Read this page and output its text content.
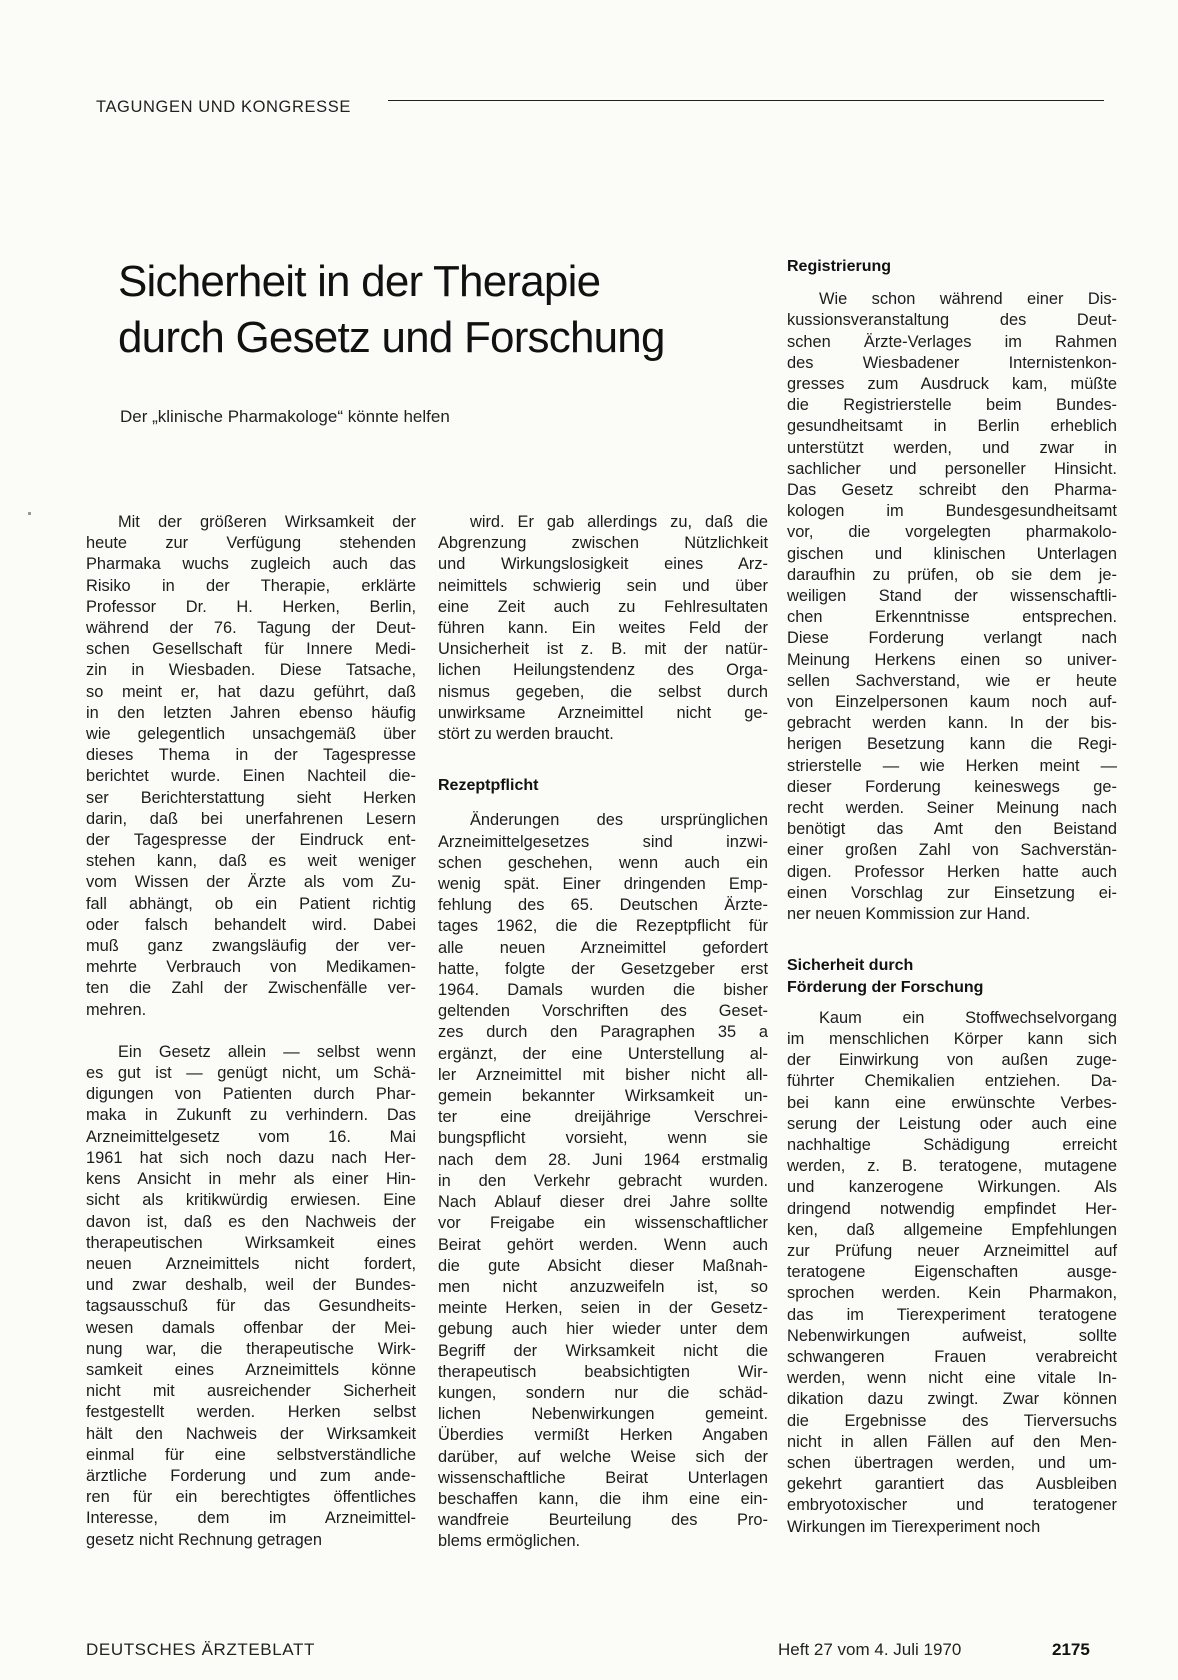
TAGUNGEN UND KONGRESSE
Sicherheit in der Therapie
durch Gesetz und Forschung
Der „klinische Pharmakologe“ könnte helfen

Mit der größeren Wirksamkeit der
heute zur Verfügung stehenden
Pharmaka wuchs zugleich auch das
Risiko in der Therapie, erklärte
Professor Dr. H. Herken, Berlin,
während der 76. Tagung der Deut-
schen Gesellschaft für Innere Medi-
zin in Wiesbaden. Diese Tatsache,
so meint er, hat dazu geführt, daß
in den letzten Jahren ebenso häufig
wie gelegentlich unsachgemäß über
dieses Thema in der Tagespresse
berichtet wurde. Einen Nachteil die-
ser Berichterstattung sieht Herken
darin, daß bei unerfahrenen Lesern
der Tagespresse der Eindruck ent-
stehen kann, daß es weit weniger
vom Wissen der Ärzte als vom Zu-
fall abhängt, ob ein Patient richtig
oder falsch behandelt wird. Dabei
muß ganz zwangsläufig der ver-
mehrte Verbrauch von Medikamen-
ten die Zahl der Zwischenfälle ver-
mehren.

Ein Gesetz allein — selbst wenn
es gut ist — genügt nicht, um Schä-
digungen von Patienten durch Phar-
maka in Zukunft zu verhindern. Das
Arzneimittelgesetz vom 16. Mai
1961 hat sich noch dazu nach Her-
kens Ansicht in mehr als einer Hin-
sicht als kritikwürdig erwiesen. Eine
davon ist, daß es den Nachweis der
therapeutischen Wirksamkeit eines
neuen Arzneimittels nicht fordert,
und zwar deshalb, weil der Bundes-
tagsausschuß für das Gesundheits-
wesen damals offenbar der Mei-
nung war, die therapeutische Wirk-
samkeit eines Arzneimittels könne
nicht mit ausreichender Sicherheit
festgestellt werden. Herken selbst
hält den Nachweis der Wirksamkeit
einmal für eine selbstverständliche
ärztliche Forderung und zum ande-
ren für ein berechtigtes öffentliches
Interesse, dem im Arzneimittel-
gesetz nicht Rechnung getragen

wird. Er gab allerdings zu, daß die
Abgrenzung zwischen Nützlichkeit
und Wirkungslosigkeit eines Arz-
neimittels schwierig sein und über
eine Zeit auch zu Fehlresultaten
führen kann. Ein weites Feld der
Unsicherheit ist z. B. mit der natür-
lichen Heilungstendenz des Orga-
nismus gegeben, die selbst durch
unwirksame Arzneimittel nicht ge-
stört zu werden braucht.

Rezeptpflicht

Änderungen des ursprünglichen
Arzneimittelgesetzes sind inzwi-
schen geschehen, wenn auch ein
wenig spät. Einer dringenden Emp-
fehlung des 65. Deutschen Ärzte-
tages 1962, die die Rezeptpflicht für
alle neuen Arzneimittel gefordert
hatte, folgte der Gesetzgeber erst
1964. Damals wurden die bisher
geltenden Vorschriften des Geset-
zes durch den Paragraphen 35 a
ergänzt, der eine Unterstellung al-
ler Arzneimittel mit bisher nicht all-
gemein bekannter Wirksamkeit un-
ter eine dreijährige Verschrei-
bungspflicht vorsieht, wenn sie
nach dem 28. Juni 1964 erstmalig
in den Verkehr gebracht wurden.
Nach Ablauf dieser drei Jahre sollte
vor Freigabe ein wissenschaftlicher
Beirat gehört werden. Wenn auch
die gute Absicht dieser Maßnah-
men nicht anzuzweifeln ist, so
meinte Herken, seien in der Gesetz-
gebung auch hier wieder unter dem
Begriff der Wirksamkeit nicht die
therapeutisch beabsichtigten Wir-
kungen, sondern nur die schäd-
lichen Nebenwirkungen gemeint.
Überdies vermißt Herken Angaben
darüber, auf welche Weise sich der
wissenschaftliche Beirat Unterlagen
beschaffen kann, die ihm eine ein-
wandfreie Beurteilung des Pro-
blems ermöglichen.

Registrierung

Wie schon während einer Dis-
kussionsveranstaltung des Deut-
schen Ärzte-Verlages im Rahmen
des Wiesbadener Internistenkon-
gresses zum Ausdruck kam, müßte
die Registrierstelle beim Bundes-
gesundheitsamt in Berlin erheblich
unterstützt werden, und zwar in
sachlicher und personeller Hinsicht.
Das Gesetz schreibt den Pharma-
kologen im Bundesgesundheitsamt
vor, die vorgelegten pharmakolo-
gischen und klinischen Unterlagen
daraufhin zu prüfen, ob sie dem je-
weiligen Stand der wissenschaftli-
chen Erkenntnisse entsprechen.
Diese Forderung verlangt nach
Meinung Herkens einen so univer-
sellen Sachverstand, wie er heute
von Einzelpersonen kaum noch auf-
gebracht werden kann. In der bis-
herigen Besetzung kann die Regi-
strierstelle — wie Herken meint —
dieser Forderung keineswegs ge-
recht werden. Seiner Meinung nach
benötigt das Amt den Beistand
einer großen Zahl von Sachverstän-
digen. Professor Herken hatte auch
einen Vorschlag zur Einsetzung ei-
ner neuen Kommission zur Hand.

Sicherheit durch
Förderung der Forschung

Kaum ein Stoffwechselvorgang
im menschlichen Körper kann sich
der Einwirkung von außen zuge-
führter Chemikalien entziehen. Da-
bei kann eine erwünschte Verbes-
serung der Leistung oder auch eine
nachhaltige Schädigung erreicht
werden, z. B. teratogene, mutagene
und kanzerogene Wirkungen. Als
dringend notwendig empfindet Her-
ken, daß allgemeine Empfehlungen
zur Prüfung neuer Arzneimittel auf
teratogene Eigenschaften ausge-
sprochen werden. Kein Pharmakon,
das im Tierexperiment teratogene
Nebenwirkungen aufweist, sollte
schwangeren Frauen verabreicht
werden, wenn nicht eine vitale In-
dikation dazu zwingt. Zwar können
die Ergebnisse des Tierversuchs
nicht in allen Fällen auf den Men-
schen übertragen werden, und um-
gekehrt garantiert das Ausbleiben
embryotoxischer und teratogener
Wirkungen im Tierexperiment noch

DEUTSCHES ÄRZTEBLATT	Heft 27 vom 4. Juli 1970	2175
